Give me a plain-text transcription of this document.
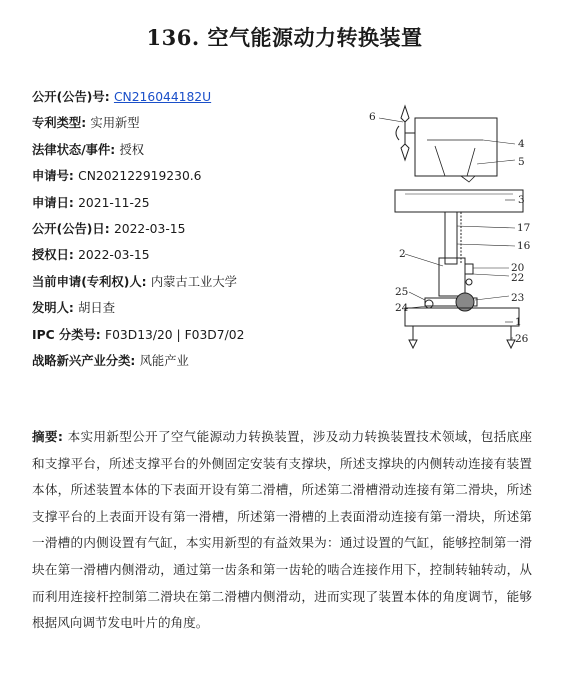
136. 空气能源动力转换装置
公开(公告)号: CN216044182U
专利类型: 实用新型
法律状态/事件: 授权
申请号: CN202122919230.6
申请日: 2021-11-25
公开(公告)日: 2022-03-15
授权日: 2022-03-15
当前申请(专利权)人: 内蒙古工业大学
发明人: 胡日查
IPC 分类号: F03D13/20 | F03D7/02
战略新兴产业分类: 风能产业
6
4
5
3
17
16
2
20
22
23
25
24
1
26
摘要: 本实用新型公开了空气能源动力转换装置，涉及动力转换装置技术领域，包括底座和支撑平台，所述支撑平台的外侧固定安装有支撑块，所述支撑块的内侧转动连接有装置本体，所述装置本体的下表面开设有第二滑槽，所述第二滑槽滑动连接有第二滑块，所述支撑平台的上表面开设有第一滑槽，所述第一滑槽的上表面滑动连接有第一滑块，所述第一滑槽的内侧设置有气缸，本实用新型的有益效果为：通过设置的气缸，能够控制第一滑块在第一滑槽内侧滑动，通过第一齿条和第一齿轮的啮合连接作用下，控制转轴转动，从而利用连接杆控制第二滑块在第二滑槽内侧滑动，进而实现了装置本体的角度调节，能够根据风向调节发电叶片的角度。
